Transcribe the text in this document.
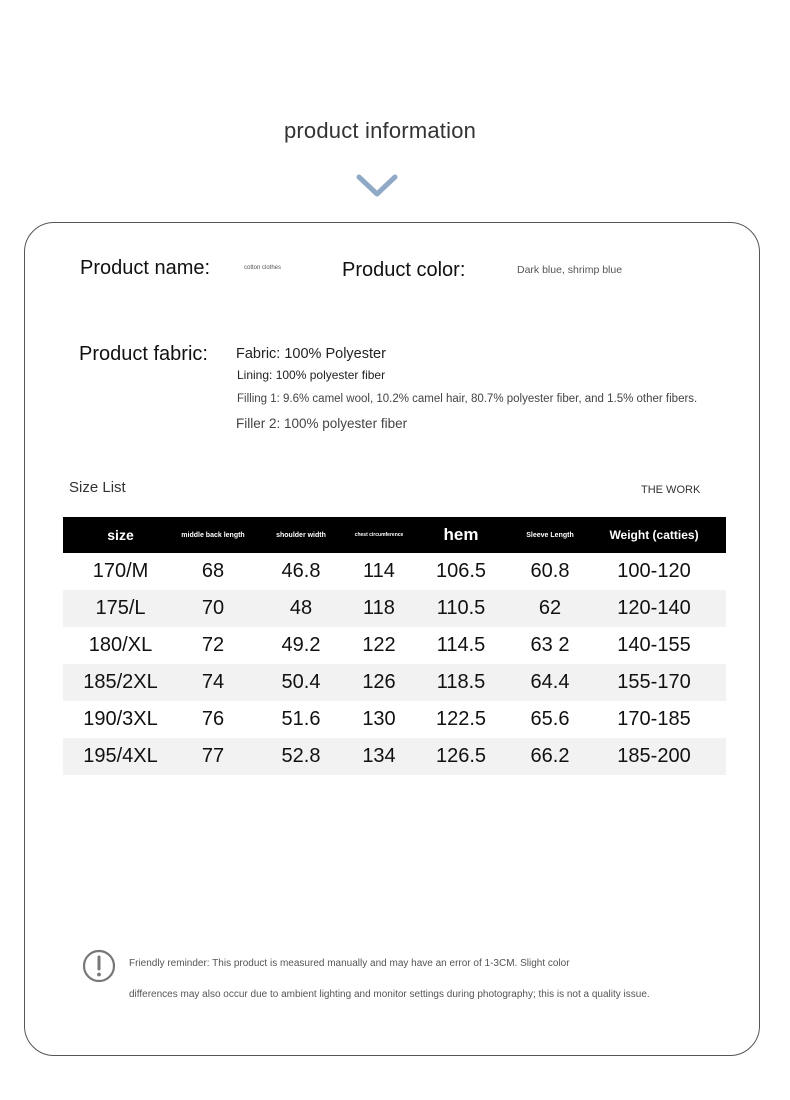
product information
Product name:	cotton clothes	Product color:	Dark blue, shrimp blue
Product fabric: Fabric: 100% Polyester
Lining: 100% polyester fiber
Filling 1: 9.6% camel wool, 10.2% camel hair, 80.7% polyester fiber, and 1.5% other fibers.
Filler 2: 100% polyester fiber
Size List	THE WORK
size	middle back length	shoulder width	chest circumference	hem	Sleeve Length	Weight (catties)
170/M	68	46.8	114	106.5	60.8	100-120
175/L	70	48	118	110.5	62	120-140
180/XL	72	49.2	122	114.5	63 2	140-155
185/2XL	74	50.4	126	118.5	64.4	155-170
190/3XL	76	51.6	130	122.5	65.6	170-185
195/4XL	77	52.8	134	126.5	66.2	185-200
Friendly reminder: This product is measured manually and may have an error of 1-3CM. Slight color
differences may also occur due to ambient lighting and monitor settings during photography; this is not a quality issue.
